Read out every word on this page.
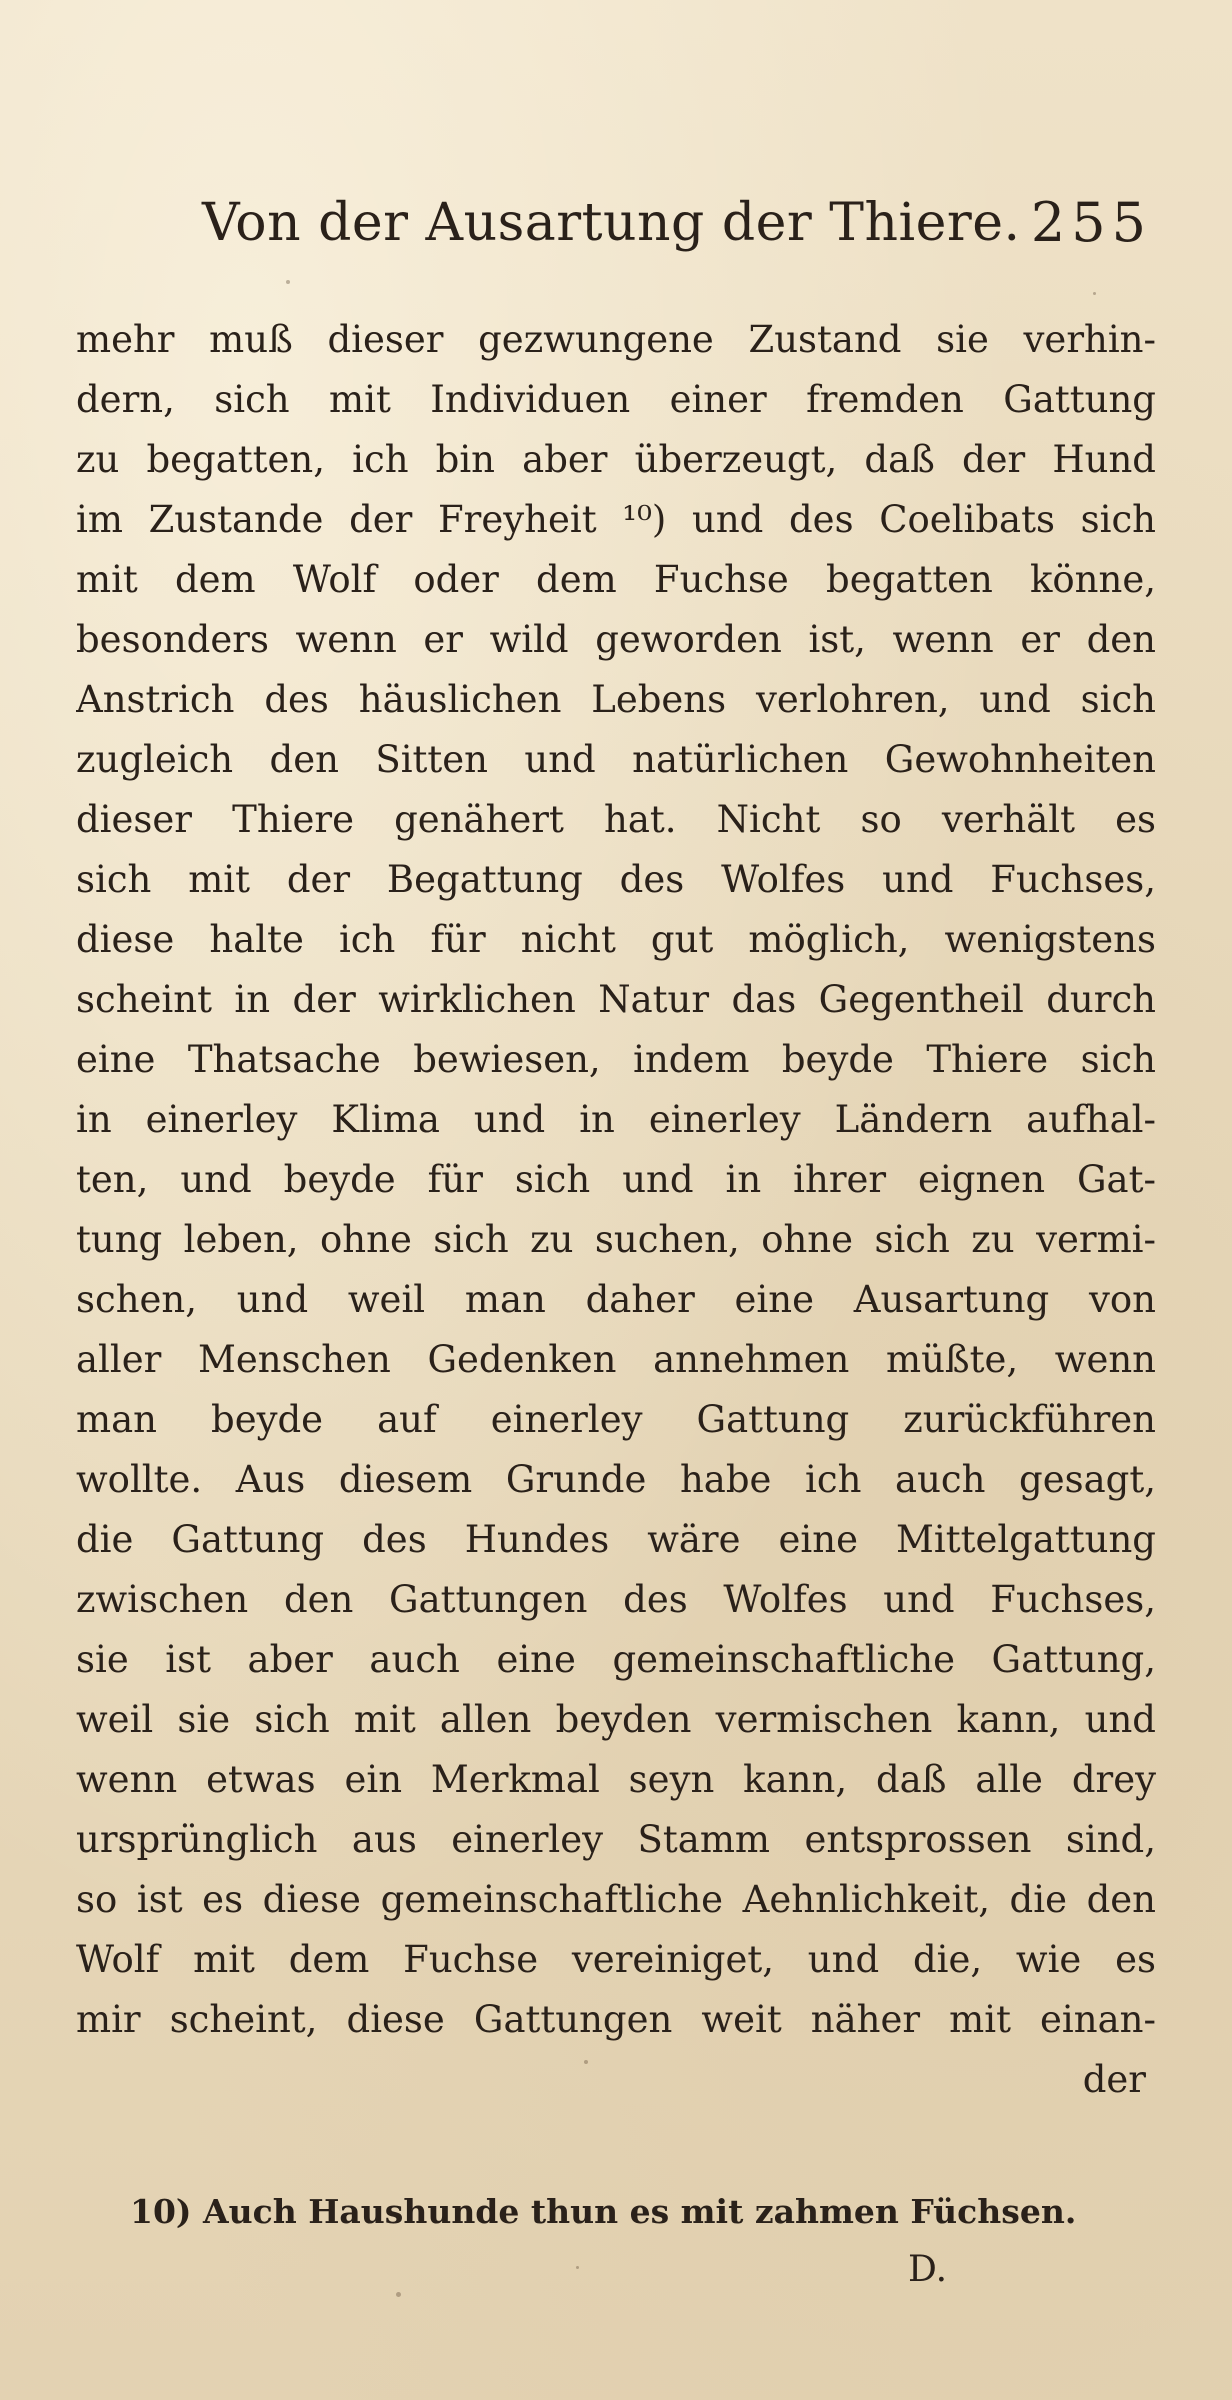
Von der Ausartung der Thiere. 255
mehr muß dieser gezwungene Zustand sie verhin-
dern, sich mit Individuen einer fremden Gattung
zu begatten, ich bin aber überzeugt, daß der Hund
im Zustande der Freyheit ¹⁰) und des Coelibats sich
mit dem Wolf oder dem Fuchse begatten könne,
besonders wenn er wild geworden ist, wenn er den
Anstrich des häuslichen Lebens verlohren, und sich
zugleich den Sitten und natürlichen Gewohnheiten
dieser Thiere genähert hat. Nicht so verhält es
sich mit der Begattung des Wolfes und Fuchses,
diese halte ich für nicht gut möglich, wenigstens
scheint in der wirklichen Natur das Gegentheil durch
eine Thatsache bewiesen, indem beyde Thiere sich
in einerley Klima und in einerley Ländern aufhal-
ten, und beyde für sich und in ihrer eignen Gat-
tung leben, ohne sich zu suchen, ohne sich zu vermi-
schen, und weil man daher eine Ausartung von
aller Menschen Gedenken annehmen müßte, wenn
man beyde auf einerley Gattung zurückführen
wollte. Aus diesem Grunde habe ich auch gesagt,
die Gattung des Hundes wäre eine Mittelgattung
zwischen den Gattungen des Wolfes und Fuchses,
sie ist aber auch eine gemeinschaftliche Gattung,
weil sie sich mit allen beyden vermischen kann, und
wenn etwas ein Merkmal seyn kann, daß alle drey
ursprünglich aus einerley Stamm entsprossen sind,
so ist es diese gemeinschaftliche Aehnlichkeit, die den
Wolf mit dem Fuchse vereiniget, und die, wie es
mir scheint, diese Gattungen weit näher mit einan-
der
10) Auch Haushunde thun es mit zahmen Füchsen.
D.
